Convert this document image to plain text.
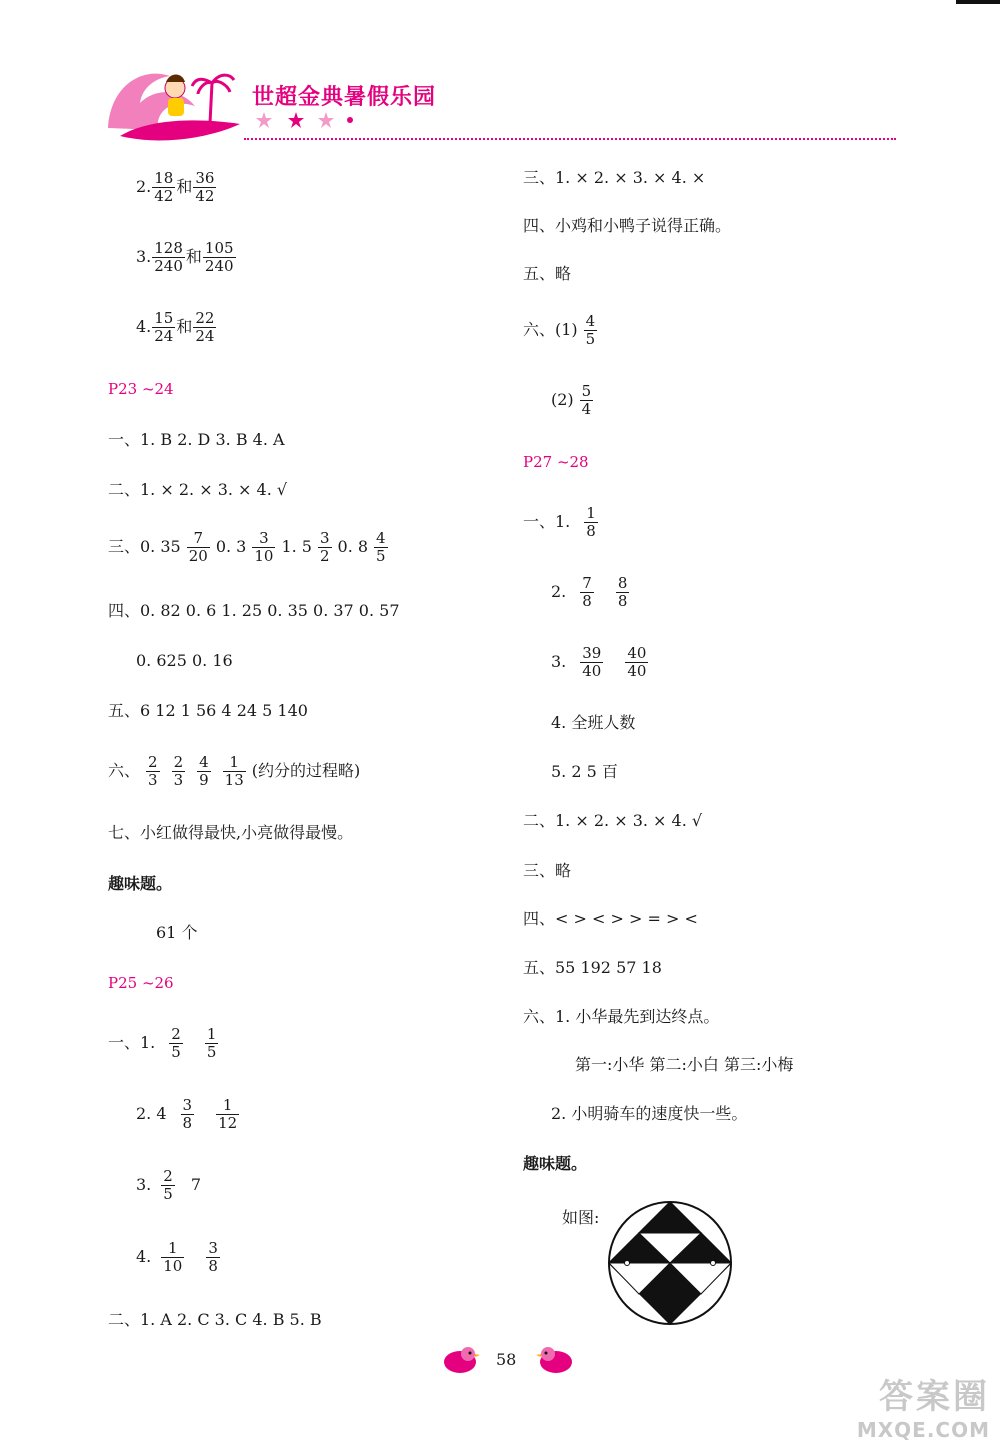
世超金典暑假乐园
2. $\frac{18}{42}$ 和 $\frac{36}{42}$
3. $\frac{128}{240}$ 和 $\frac{105}{240}$
4. $\frac{15}{24}$ 和 $\frac{22}{24}$
P23 ~24
一、1. B 2. D 3. B 4. A
二、1. × 2. × 3. × 4. √
三、0. $35 \frac{7}{20} 0$. $3 \frac{3}{10} 1$. $5 \frac{3}{2} 0$. $8 \frac{4}{5}$
四、0. 82 0. 6 1. 25 0. 35 0. 37 0. 57
0. 625 0. 16
五、6 12 1 56 4 24 5 140
六、 $\frac{2}{3} \frac{2}{3} \frac{4}{9} \frac{1}{13}$ (约分的过程略)
七、小红做得最快,小亮做得最慢。
趣味题。
61 个
P25 ~26
一、1. $\frac{2}{5} \frac{1}{5}$
2. $4 \frac{3}{8} \frac{1}{12}$
3. $\frac{2}{5} 7$
4. $\frac{1}{10} \frac{3}{8}$
二、1. A 2. C 3. C 4. B 5. B
三、1. × 2. × 3. × 4. ×
四、小鸡和小鸭子说得正确。
五、略
六、$(1) \frac{4}{5}$
$(2) \frac{5}{4}$
P27 ~28
一、1. $\frac{1}{8}$
2. $\frac{7}{8} \frac{8}{8}$
3. $\frac{39}{40} \frac{40}{40}$
4. 全班人数
5. 2 5 百
二、1. × 2. × 3. × 4. √
三、略
四、< > < > > = > <
五、55 192 57 18
六、1. 小华最先到达终点。
第一:小华 第二:小白 第三:小梅
2. 小明骑车的速度快一些。
趣味题。
如图:
58
答案圈
MXQE.COM
